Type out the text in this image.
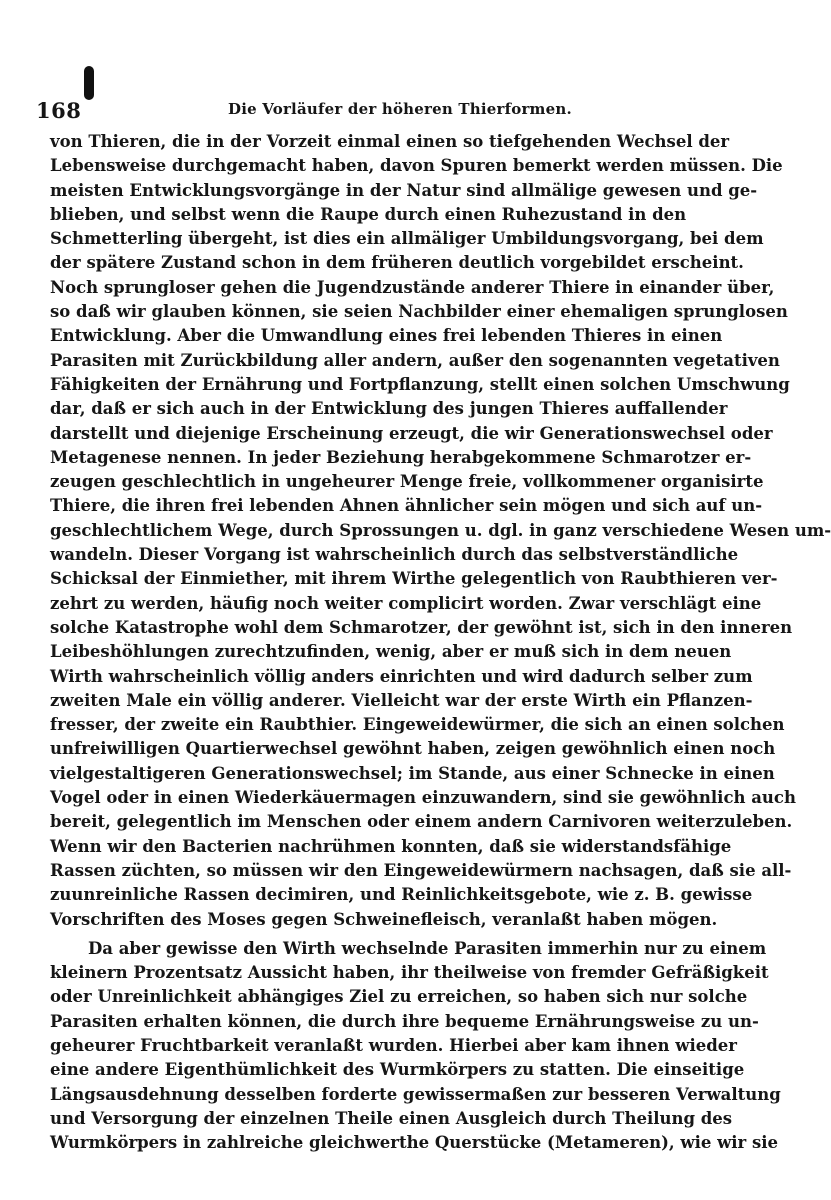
168	Die Vorläufer der höheren Thierformen.
von Thieren, die in der Vorzeit einmal einen so tiefgehenden Wechsel der
Lebensweise durchgemacht haben, davon Spuren bemerkt werden müssen. Die
meisten Entwicklungsvorgänge in der Natur sind allmälige gewesen und ge-
blieben, und selbst wenn die Raupe durch einen Ruhezustand in den
Schmetterling übergeht, ist dies ein allmäliger Umbildungsvorgang, bei dem
der spätere Zustand schon in dem früheren deutlich vorgebildet erscheint.
Noch sprungloser gehen die Jugendzustände anderer Thiere in einander über,
so daß wir glauben können, sie seien Nachbilder einer ehemaligen sprunglosen
Entwicklung. Aber die Umwandlung eines frei lebenden Thieres in einen
Parasiten mit Zurückbildung aller andern, außer den sogenannten vegetativen
Fähigkeiten der Ernährung und Fortpflanzung, stellt einen solchen Umschwung
dar, daß er sich auch in der Entwicklung des jungen Thieres auffallender
darstellt und diejenige Erscheinung erzeugt, die wir Generationswechsel oder
Metagenese nennen. In jeder Beziehung herabgekommene Schmarotzer er-
zeugen geschlechtlich in ungeheurer Menge freie, vollkommener organisirte
Thiere, die ihren frei lebenden Ahnen ähnlicher sein mögen und sich auf un-
geschlechtlichem Wege, durch Sprossungen u. dgl. in ganz verschiedene Wesen um-
wandeln. Dieser Vorgang ist wahrscheinlich durch das selbstverständliche
Schicksal der Einmiether, mit ihrem Wirthe gelegentlich von Raubthieren ver-
zehrt zu werden, häufig noch weiter complicirt worden. Zwar verschlägt eine
solche Katastrophe wohl dem Schmarotzer, der gewöhnt ist, sich in den inneren
Leibeshöhlungen zurechtzufinden, wenig, aber er muß sich in dem neuen
Wirth wahrscheinlich völlig anders einrichten und wird dadurch selber zum
zweiten Male ein völlig anderer. Vielleicht war der erste Wirth ein Pflanzen-
fresser, der zweite ein Raubthier. Eingeweidewürmer, die sich an einen solchen
unfreiwilligen Quartierwechsel gewöhnt haben, zeigen gewöhnlich einen noch
vielgestaltigeren Generationswechsel; im Stande, aus einer Schnecke in einen
Vogel oder in einen Wiederkäuermagen einzuwandern, sind sie gewöhnlich auch
bereit, gelegentlich im Menschen oder einem andern Carnivoren weiterzuleben.
Wenn wir den Bacterien nachrühmen konnten, daß sie widerstandsfähige
Rassen züchten, so müssen wir den Eingeweidewürmern nachsagen, daß sie all-
zuunreinliche Rassen decimiren, und Reinlichkeitsgebote, wie z. B. gewisse
Vorschriften des Moses gegen Schweinefleisch, veranlaßt haben mögen.
Da aber gewisse den Wirth wechselnde Parasiten immerhin nur zu einem
kleinern Prozentsatz Aussicht haben, ihr theilweise von fremder Gefräßigkeit
oder Unreinlichkeit abhängiges Ziel zu erreichen, so haben sich nur solche
Parasiten erhalten können, die durch ihre bequeme Ernährungsweise zu un-
geheurer Fruchtbarkeit veranlaßt wurden. Hierbei aber kam ihnen wieder
eine andere Eigenthümlichkeit des Wurmkörpers zu statten. Die einseitige
Längsausdehnung desselben forderte gewissermaßen zur besseren Verwaltung
und Versorgung der einzelnen Theile einen Ausgleich durch Theilung des
Wurmkörpers in zahlreiche gleichwerthe Querstücke (Metameren), wie wir sie
